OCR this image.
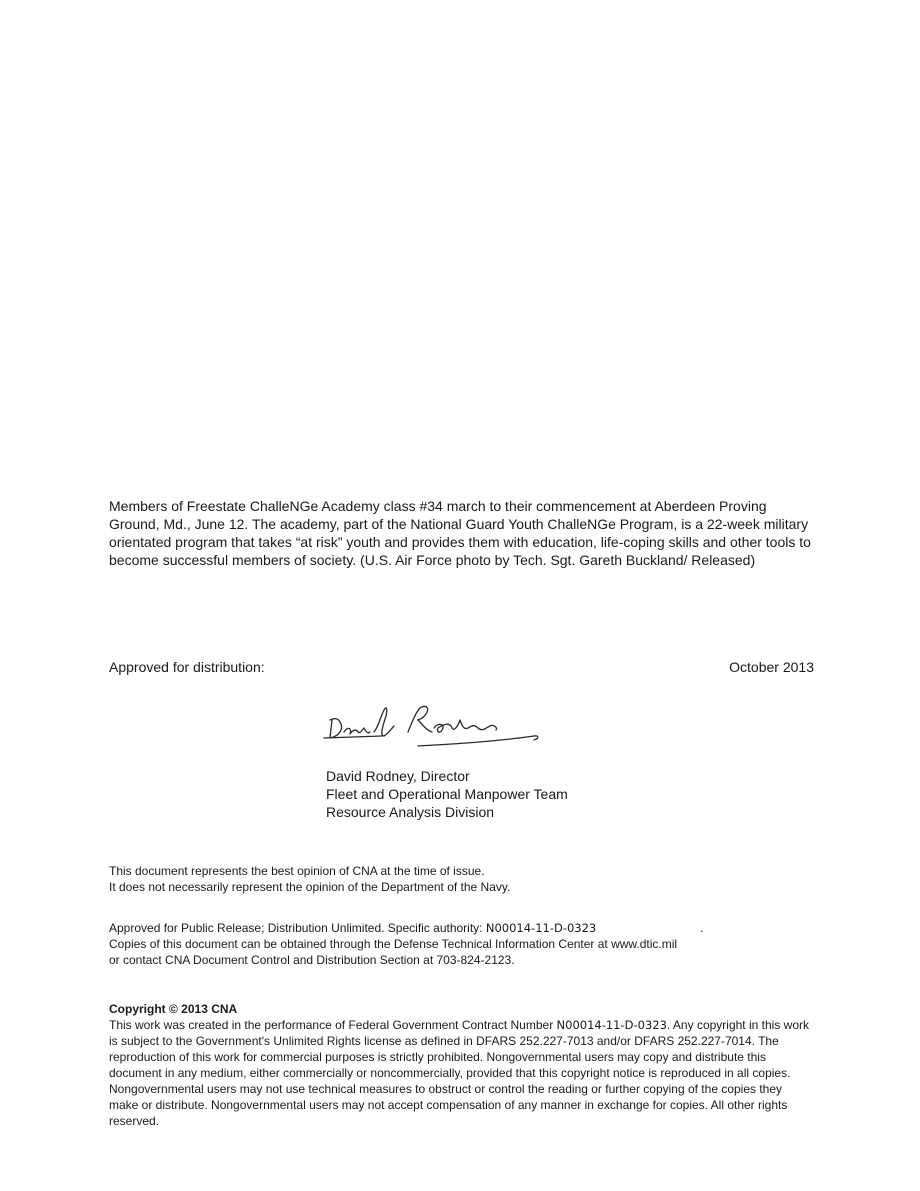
Members of Freestate ChalleNGe Academy class #34 march to their commencement at Aberdeen Proving Ground, Md., June 12. The academy, part of the National Guard Youth ChalleNGe Program, is a 22-week military orientated program that takes “at risk” youth and provides them with education, life-coping skills and other tools to become successful members of society. (U.S. Air Force photo by Tech. Sgt. Gareth Buckland/ Released)
Approved for distribution:	October 2013
David Rodney, Director
Fleet and Operational Manpower Team
Resource Analysis Division
This document represents the best opinion of CNA at the time of issue.
It does not necessarily represent the opinion of the Department of the Navy.
Approved for Public Release; Distribution Unlimited. Specific authority: N00014-11-D-0323	.
Copies of this document can be obtained through the Defense Technical Information Center at www.dtic.mil
or contact CNA Document Control and Distribution Section at 703-824-2123.
Copyright © 2013 CNA
This work was created in the performance of Federal Government Contract Number N00014-11-D-0323. Any copyright in this work is subject to the Government's Unlimited Rights license as defined in DFARS 252.227-7013 and/or DFARS 252.227-7014. The reproduction of this work for commercial purposes is strictly prohibited. Nongovernmental users may copy and distribute this document in any medium, either commercially or noncommercially, provided that this copyright notice is reproduced in all copies. Nongovernmental users may not use technical measures to obstruct or control the reading or further copying of the copies they make or distribute. Nongovernmental users may not accept compensation of any manner in exchange for copies. All other rights reserved.
